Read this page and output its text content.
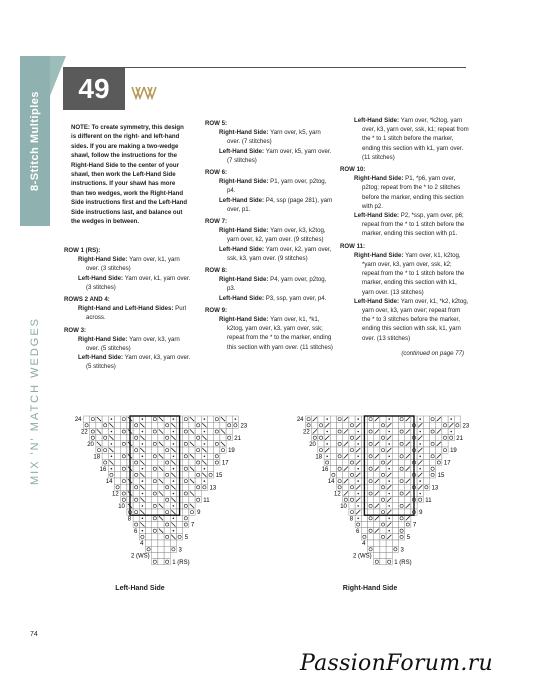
8-Stitch Multiples
MIX 'N' MATCH WEDGES
49
NOTE: To create symmetry, this design is different on the right- and left-hand sides. If you are making a two-wedge shawl, follow the instructions for the Right-Hand Side to the center of your shawl, then work the Left-Hand Side instructions. If your shawl has more than two wedges, work the Right-Hand Side instructions first and the Left-Hand Side instructions last, and balance out the wedges in between.
ROW 1 (RS):
Right-Hand Side: Yarn over, k1, yarn over. (3 stitches)
Left-Hand Side: Yarn over, k1, yarn over. (3 stitches)
ROWS 2 AND 4:
Right-Hand and Left-Hand Sides: Purl across.
ROW 3:
Right-Hand Side: Yarn over, k3, yarn over. (5 stitches)
Left-Hand Side: Yarn over, k3, yarn over. (5 stitches)
ROW 5:
Right-Hand Side: Yarn over, k5, yarn over. (7 stitches)
Left-Hand Side: Yarn over, k5, yarn over. (7 stitches)
ROW 6:
Right-Hand Side: P1, yarn over, p2tog, p4.
Left-Hand Side: P4, ssp (page 281), yarn over, p1.
ROW 7:
Right-Hand Side: Yarn over, k3, k2tog, yarn over, k2, yarn over. (9 stitches)
Left-Hand Side: Yarn over, k2, yarn over, ssk, k3, yarn over. (9 stitches)
ROW 8:
Right-Hand Side: P4, yarn over, p2tog, p3.
Left-Hand Side: P3, ssp, yarn over, p4.
ROW 9:
Right-Hand Side: Yarn over, k1, *k1, k2tog, yarn over, k3, yarn over, ssk; repeat from the * to the marker, ending this section with yarn over. (11 stitches)
Left-Hand Side: Yarn over, *k2tog, yarn over, k3, yarn over, ssk, k1; repeat from the * to 1 stitch before the marker, ending this section with k1, yarn over. (11 stitches)
ROW 10:
Right-Hand Side: P1, *p6, yarn over, p2tog; repeat from the * to 2 stitches before the marker, ending this section with p2.
Left-Hand Side: P2, *ssp, yarn over, p6; repeat from the * to 1 stitch before the marker, ending this section with p1.
ROW 11:
Right-Hand Side: Yarn over, k1, k2tog, *yarn over, k3, yarn over, ssk, k2; repeat from the * to 1 stitch before the marker, ending this section with k1, yarn over. (13 stitches)
Left-Hand Side: Yarn over, k1, *k2, k2tog, yarn over, k3, yarn over; repeat from the * to 3 stitches before the marker, ending this section with ssk, k1, yarn over. (13 stitches)
(continued on page 77)
24
23
22
21
20
19
18
17
16
15
14
13
12
11
10
9
8
7
6
5
4
3
2 (WS)
1 (RS)
24
23
22
21
20
19
18
17
16
15
14
13
12
11
10
9
8
7
6
5
4
3
2 (WS)
1 (RS)
Left-Hand Side	Right-Hand Side
74
PassionForum.ru
